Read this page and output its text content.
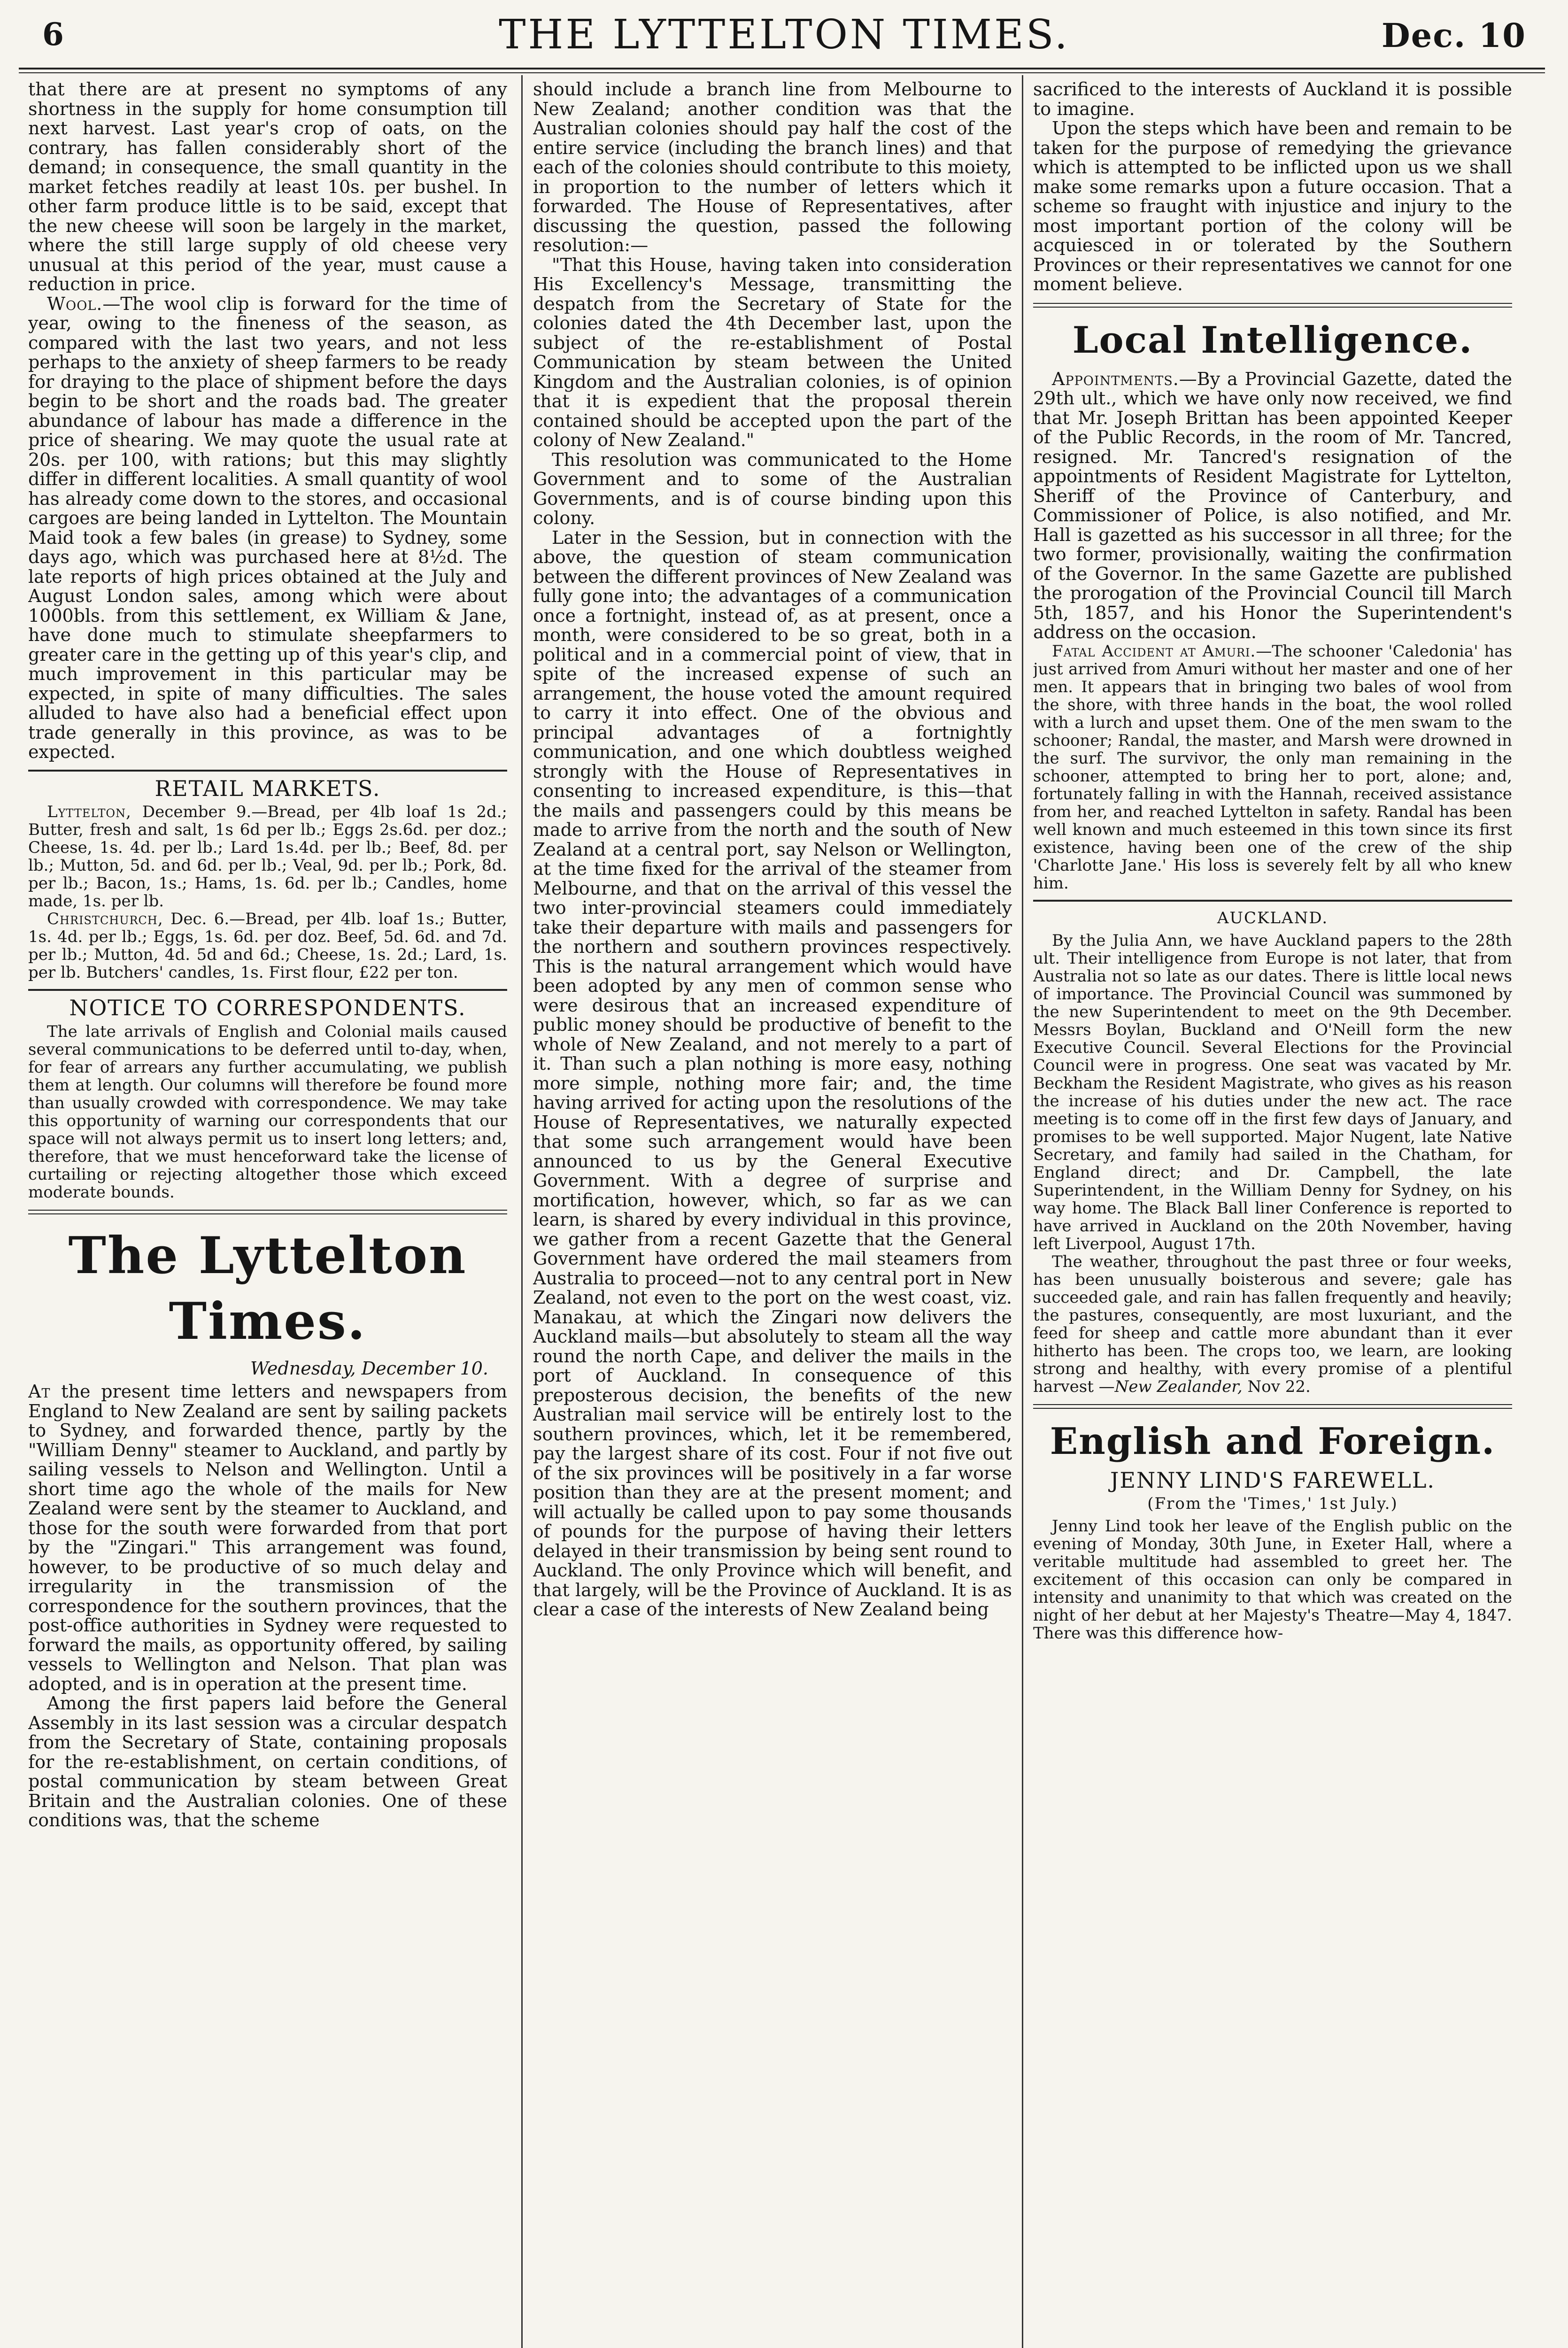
6	THE LYTTELTON TIMES.	Dec. 10

that there are at present no symptoms of any shortness in the supply for home consumption till next harvest. Last year's crop of oats, on the contrary, has fallen considerably short of the demand; in consequence, the small quantity in the market fetches readily at least 10s. per bushel. In other farm produce little is to be said, except that the new cheese will soon be largely in the market, where the still large supply of old cheese very unusual at this period of the year, must cause a reduction in price.

Wool.—The wool clip is forward for the time of year, owing to the fineness of the season, as compared with the last two years, and not less perhaps to the anxiety of sheep farmers to be ready for draying to the place of shipment before the days begin to be short and the roads bad. The greater abundance of labour has made a difference in the price of shearing. We may quote the usual rate at 20s. per 100, with rations; but this may slightly differ in different localities. A small quantity of wool has already come down to the stores, and occasional cargoes are being landed in Lyttelton. The Mountain Maid took a few bales (in grease) to Sydney, some days ago, which was purchased here at 8½d. The late reports of high prices obtained at the July and August London sales, among which were about 1000bls. from this settlement, ex William & Jane, have done much to stimulate sheepfarmers to greater care in the getting up of this year's clip, and much improvement in this particular may be expected, in spite of many difficulties. The sales alluded to have also had a beneficial effect upon trade generally in this province, as was to be expected.

RETAIL MARKETS.

Lyttelton, December 9.—Bread, per 4lb loaf 1s 2d.; Butter, fresh and salt, 1s 6d per lb.; Eggs 2s.6d. per doz.; Cheese, 1s. 4d. per lb.; Lard 1s.4d. per lb.; Beef, 8d. per lb.; Mutton, 5d. and 6d. per lb.; Veal, 9d. per lb.; Pork, 8d. per lb.; Bacon, 1s.; Hams, 1s. 6d. per lb.; Candles, home made, 1s. per lb.

Christchurch, Dec. 6.—Bread, per 4lb. loaf 1s.; Butter, 1s. 4d. per lb.; Eggs, 1s. 6d. per doz. Beef, 5d. 6d. and 7d. per lb.; Mutton, 4d. 5d and 6d.; Cheese, 1s. 2d.; Lard, 1s. per lb. Butchers' candles, 1s. First flour, £22 per ton.

NOTICE TO CORRESPONDENTS.

The late arrivals of English and Colonial mails caused several communications to be deferred until to-day, when, for fear of arrears any further accumulating, we publish them at length. Our columns will therefore be found more than usually crowded with correspondence. We may take this opportunity of warning our correspondents that our space will not always permit us to insert long letters; and, therefore, that we must henceforward take the license of curtailing or rejecting altogether those which exceed moderate bounds.

The Lyttelton Times.
Wednesday, December 10.

At the present time letters and newspapers from England to New Zealand are sent by sailing packets to Sydney, and forwarded thence, partly by the "William Denny" steamer to Auckland, and partly by sailing vessels to Nelson and Wellington. Until a short time ago the whole of the mails for New Zealand were sent by the steamer to Auckland, and those for the south were forwarded from that port by the "Zingari." This arrangement was found, however, to be productive of so much delay and irregularity in the transmission of the correspondence for the southern provinces, that the post-office authorities in Sydney were requested to forward the mails, as opportunity offered, by sailing vessels to Wellington and Nelson. That plan was adopted, and is in operation at the present time.

Among the first papers laid before the General Assembly in its last session was a circular despatch from the Secretary of State, containing proposals for the re-establishment, on certain conditions, of postal communication by steam between Great Britain and the Australian colonies. One of these conditions was, that the scheme

should include a branch line from Melbourne to New Zealand; another condition was that the Australian colonies should pay half the cost of the entire service (including the branch lines) and that each of the colonies should contribute to this moiety, in proportion to the number of letters which it forwarded. The House of Representatives, after discussing the question, passed the following resolution:—

"That this House, having taken into consideration His Excellency's Message, transmitting the despatch from the Secretary of State for the colonies dated the 4th December last, upon the subject of the re-establishment of Postal Communication by steam between the United Kingdom and the Australian colonies, is of opinion that it is expedient that the proposal therein contained should be accepted upon the part of the colony of New Zealand."

This resolution was communicated to the Home Government and to some of the Australian Governments, and is of course binding upon this colony.

Later in the Session, but in connection with the above, the question of steam communication between the different provinces of New Zealand was fully gone into; the advantages of a communication once a fortnight, instead of, as at present, once a month, were considered to be so great, both in a political and in a commercial point of view, that in spite of the increased expense of such an arrangement, the house voted the amount required to carry it into effect. One of the obvious and principal advantages of a fortnightly communication, and one which doubtless weighed strongly with the House of Representatives in consenting to increased expenditure, is this—that the mails and passengers could by this means be made to arrive from the north and the south of New Zealand at a central port, say Nelson or Wellington, at the time fixed for the arrival of the steamer from Melbourne, and that on the arrival of this vessel the two inter-provincial steamers could immediately take their departure with mails and passengers for the northern and southern provinces respectively. This is the natural arrangement which would have been adopted by any men of common sense who were desirous that an increased expenditure of public money should be productive of benefit to the whole of New Zealand, and not merely to a part of it. Than such a plan nothing is more easy, nothing more simple, nothing more fair; and, the time having arrived for acting upon the resolutions of the House of Representatives, we naturally expected that some such arrangement would have been announced to us by the General Executive Government. With a degree of surprise and mortification, however, which, so far as we can learn, is shared by every individual in this province, we gather from a recent Gazette that the General Government have ordered the mail steamers from Australia to proceed—not to any central port in New Zealand, not even to the port on the west coast, viz. Manakau, at which the Zingari now delivers the Auckland mails—but absolutely to steam all the way round the north Cape, and deliver the mails in the port of Auckland. In consequence of this preposterous decision, the benefits of the new Australian mail service will be entirely lost to the southern provinces, which, let it be remembered, pay the largest share of its cost. Four if not five out of the six provinces will be positively in a far worse position than they are at the present moment; and will actually be called upon to pay some thousands of pounds for the purpose of having their letters delayed in their transmission by being sent round to Auckland. The only Province which will benefit, and that largely, will be the Province of Auckland. It is as clear a case of the interests of New Zealand being

sacrificed to the interests of Auckland it is possible to imagine.

Upon the steps which have been and remain to be taken for the purpose of remedying the grievance which is attempted to be inflicted upon us we shall make some remarks upon a future occasion. That a scheme so fraught with injustice and injury to the most important portion of the colony will be acquiesced in or tolerated by the Southern Provinces or their representatives we cannot for one moment believe.

Local Intelligence.

Appointments.—By a Provincial Gazette, dated the 29th ult., which we have only now received, we find that Mr. Joseph Brittan has been appointed Keeper of the Public Records, in the room of Mr. Tancred, resigned. Mr. Tancred's resignation of the appointments of Resident Magistrate for Lyttelton, Sheriff of the Province of Canterbury, and Commissioner of Police, is also notified, and Mr. Hall is gazetted as his successor in all three; for the two former, provisionally, waiting the confirmation of the Governor. In the same Gazette are published the prorogation of the Provincial Council till March 5th, 1857, and his Honor the Superintendent's address on the occasion.

Fatal Accident at Amuri.—The schooner 'Caledonia' has just arrived from Amuri without her master and one of her men. It appears that in bringing two bales of wool from the shore, with three hands in the boat, the wool rolled with a lurch and upset them. One of the men swam to the schooner; Randal, the master, and Marsh were drowned in the surf. The survivor, the only man remaining in the schooner, attempted to bring her to port, alone; and, fortunately falling in with the Hannah, received assistance from her, and reached Lyttelton in safety. Randal has been well known and much esteemed in this town since its first existence, having been one of the crew of the ship 'Charlotte Jane.' His loss is severely felt by all who knew him.

AUCKLAND.

By the Julia Ann, we have Auckland papers to the 28th ult. Their intelligence from Europe is not later, that from Australia not so late as our dates. There is little local news of importance. The Provincial Council was summoned by the new Superintendent to meet on the 9th December. Messrs Boylan, Buckland and O'Neill form the new Executive Council. Several Elections for the Provincial Council were in progress. One seat was vacated by Mr. Beckham the Resident Magistrate, who gives as his reason the increase of his duties under the new act. The race meeting is to come off in the first few days of January, and promises to be well supported. Major Nugent, late Native Secretary, and family had sailed in the Chatham, for England direct; and Dr. Campbell, the late Superintendent, in the William Denny for Sydney, on his way home. The Black Ball liner Conference is reported to have arrived in Auckland on the 20th November, having left Liverpool, August 17th.

The weather, throughout the past three or four weeks, has been unusually boisterous and severe; gale has succeeded gale, and rain has fallen frequently and heavily; the pastures, consequently, are most luxuriant, and the feed for sheep and cattle more abundant than it ever hitherto has been. The crops too, we learn, are looking strong and healthy, with every promise of a plentiful harvest —New Zealander, Nov 22.

English and Foreign.
JENNY LIND'S FAREWELL.
(From the 'Times,' 1st July.)

Jenny Lind took her leave of the English public on the evening of Monday, 30th June, in Exeter Hall, where a veritable multitude had assembled to greet her. The excitement of this occasion can only be compared in intensity and unanimity to that which was created on the night of her debut at her Majesty's Theatre—May 4, 1847. There was this difference how-
